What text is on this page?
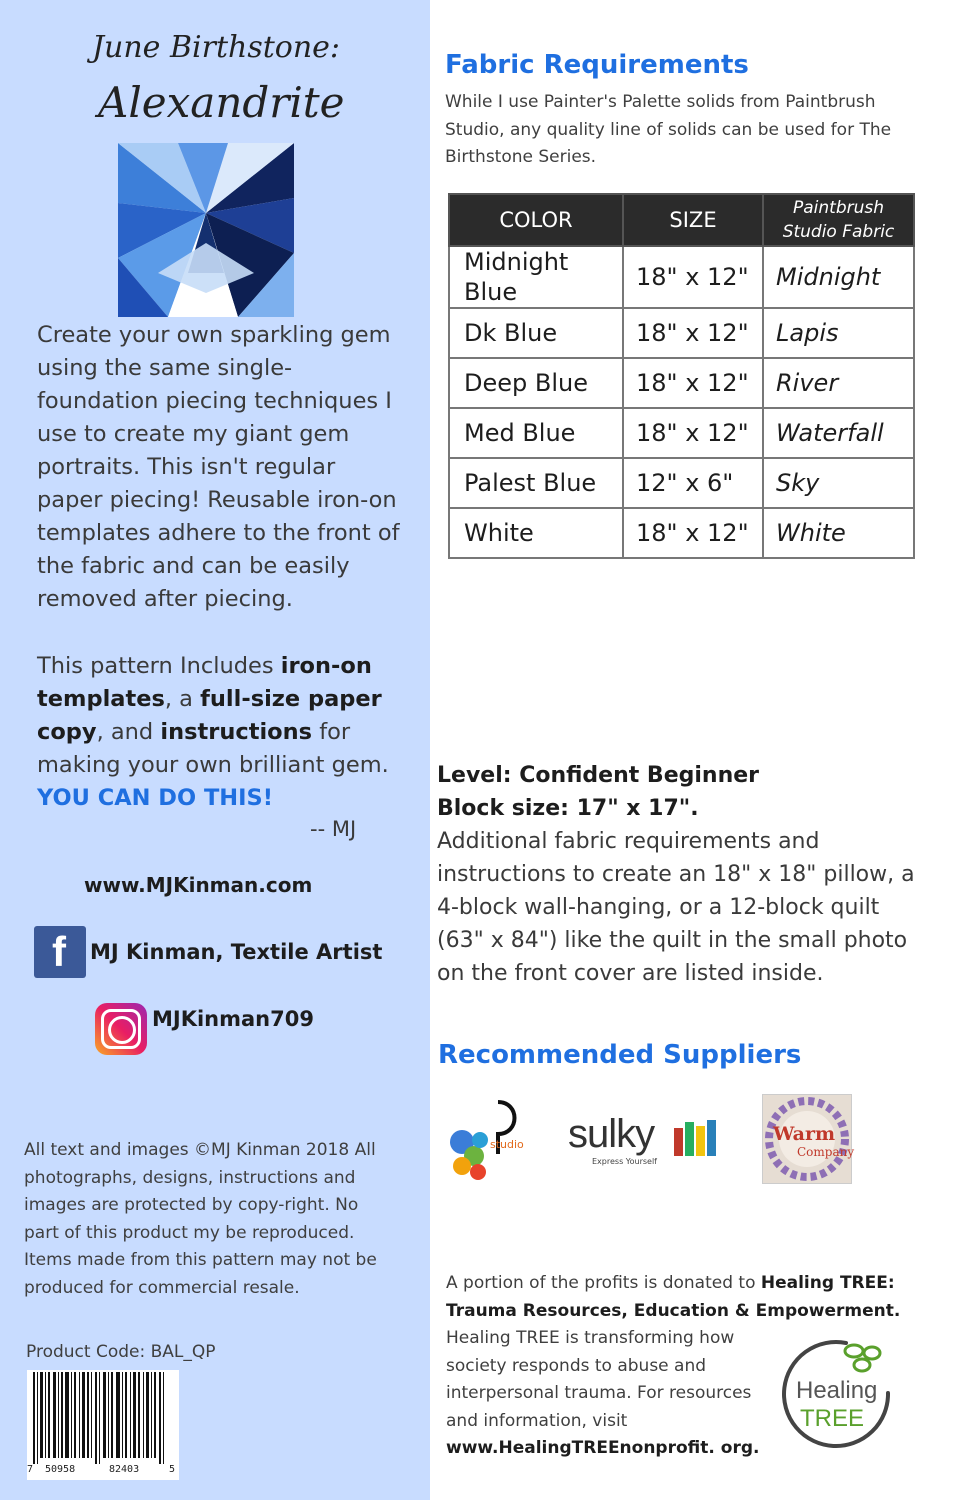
June Birthstone:
Alexandrite
Create your own sparkling gem using the same single-foundation piecing techniques I use to create my giant gem portraits. This isn't regular paper piecing! Reusable iron-on templates adhere to the front of the fabric and can be easily removed after piecing.
This pattern Includes iron-on templates, a full-size paper copy, and instructions for making your own brilliant gem. YOU CAN DO THIS!
-- MJ
www.MJKinman.com
f MJ Kinman, Textile Artist
MJKinman709
All text and images ©MJ Kinman 2018 All photographs, designs, instructions and images are protected by copy-right. No part of this product my be reproduced. Items made from this pattern may not be produced for commercial resale.
Product Code: BAL_QP
7 50958	82403	5
Fabric Requirements
While I use Painter's Palette solids from Paintbrush Studio, any quality line of solids can be used for The Birthstone Series.
COLOR	SIZE	Paintbrush Studio Fabric
Midnight Blue	18" x 12"	Midnight
Dk Blue	18" x 12"	Lapis
Deep Blue	18" x 12"	River
Med Blue	18" x 12"	Waterfall
Palest Blue	12" x 6"	Sky
White	18" x 12"	White
Level: Confident Beginner
Block size: 17" x 17".
Additional fabric requirements and instructions to create an 18" x 18" pillow, a 4-block wall-hanging, or a 12-block quilt (63" x 84") like the quilt in the small photo on the front cover are listed inside.
Recommended Suppliers
studio sulky
Express Yourself
Warm
Company
A portion of the profits is donated to Healing TREE: Trauma Resources, Education & Empowerment.
Healing TREE is transforming how society responds to abuse and interpersonal trauma. For resources and information, visit www.HealingTREEnonprofit. org.
Healing
TREE
